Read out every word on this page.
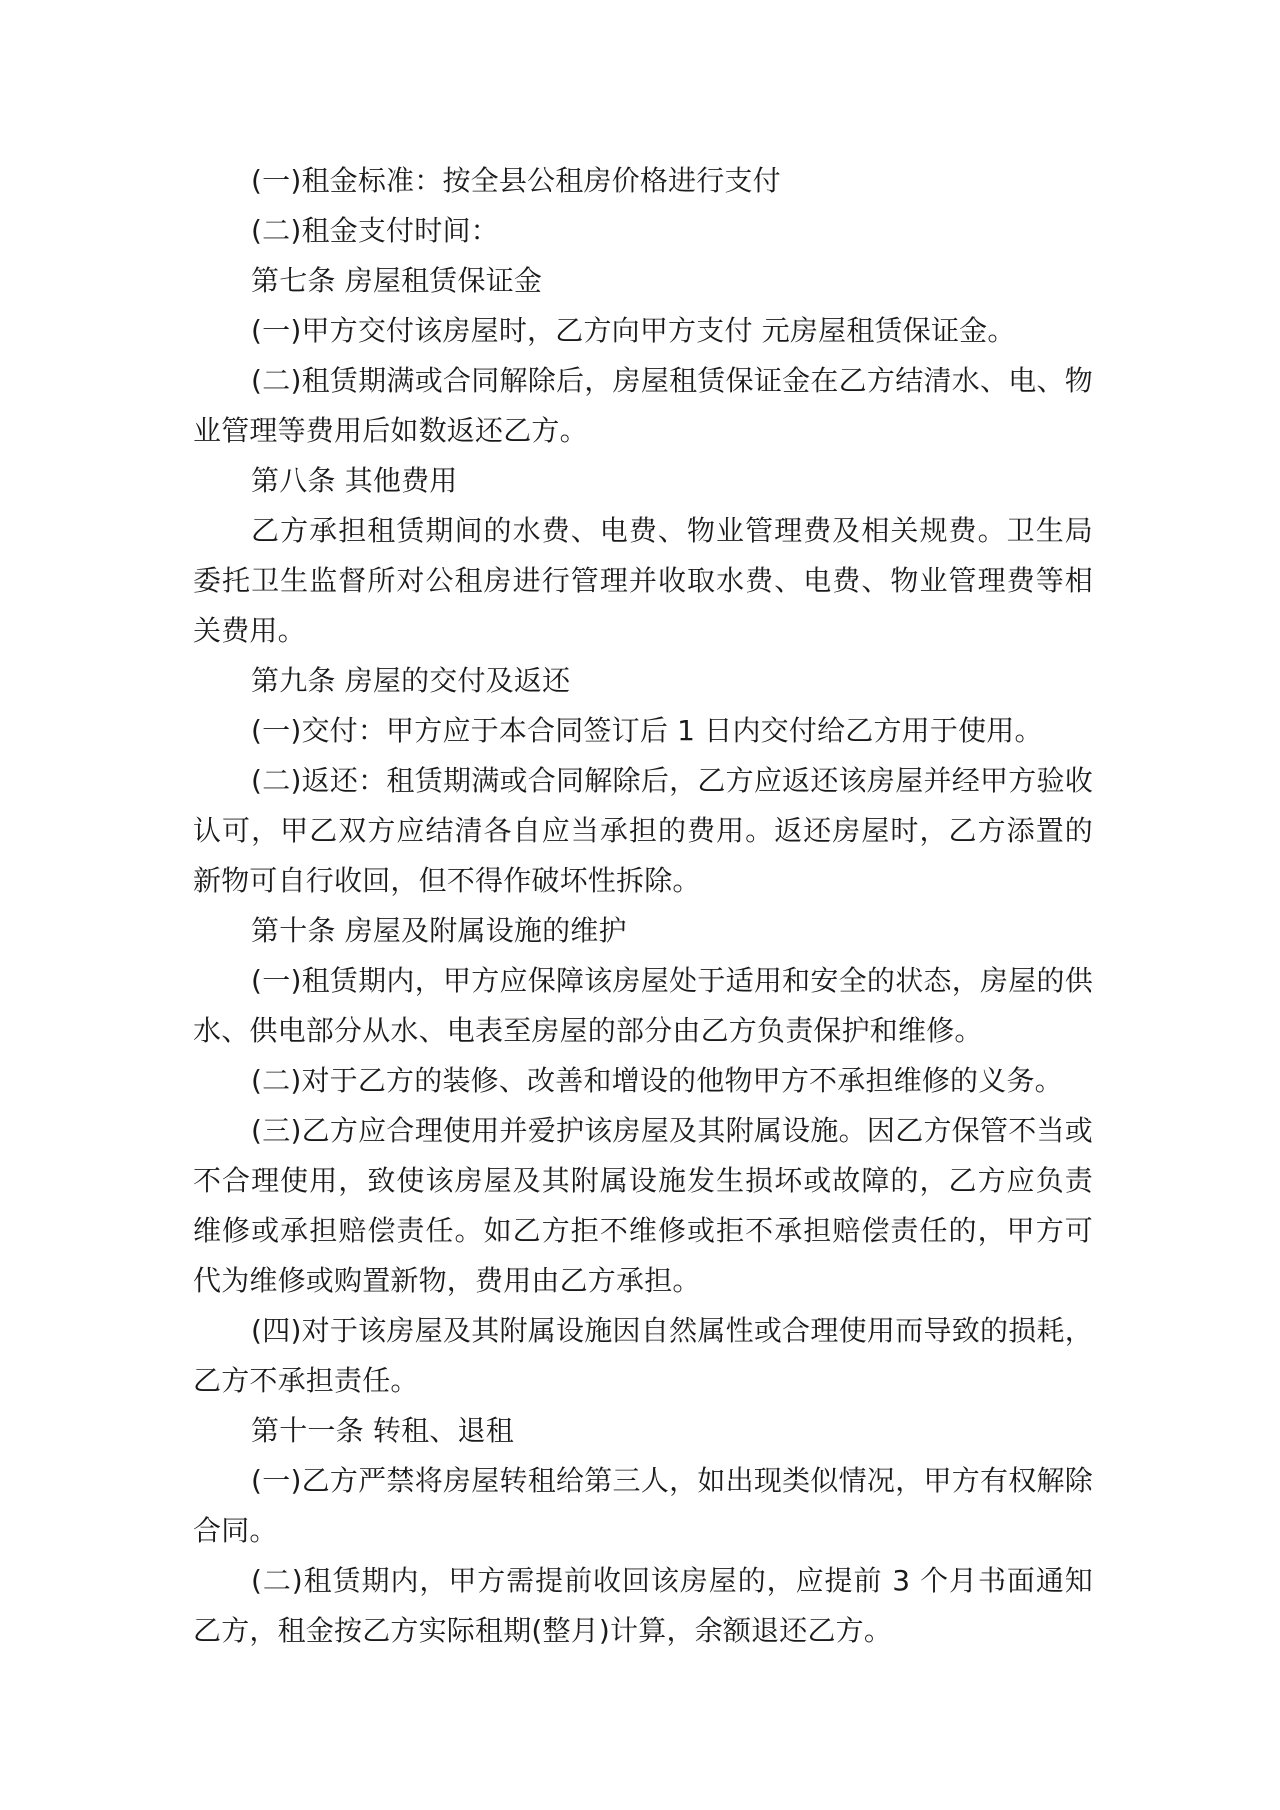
(一)租金标准：按全县公租房价格进行支付

(二)租金支付时间：

第七条 房屋租赁保证金

(一)甲方交付该房屋时，乙方向甲方支付 元房屋租赁保证金。

(二)租赁期满或合同解除后，房屋租赁保证金在乙方结清水、电、物业管理等费用后如数返还乙方。

第八条 其他费用

乙方承担租赁期间的水费、电费、物业管理费及相关规费。卫生局委托卫生监督所对公租房进行管理并收取水费、电费、物业管理费等相关费用。

第九条 房屋的交付及返还

(一)交付：甲方应于本合同签订后 1 日内交付给乙方用于使用。

(二)返还：租赁期满或合同解除后，乙方应返还该房屋并经甲方验收认可，甲乙双方应结清各自应当承担的费用。返还房屋时，乙方添置的新物可自行收回，但不得作破坏性拆除。

第十条 房屋及附属设施的维护

(一)租赁期内，甲方应保障该房屋处于适用和安全的状态，房屋的供水、供电部分从水、电表至房屋的部分由乙方负责保护和维修。

(二)对于乙方的装修、改善和增设的他物甲方不承担维修的义务。

(三)乙方应合理使用并爱护该房屋及其附属设施。因乙方保管不当或不合理使用，致使该房屋及其附属设施发生损坏或故障的，乙方应负责维修或承担赔偿责任。如乙方拒不维修或拒不承担赔偿责任的，甲方可代为维修或购置新物，费用由乙方承担。

(四)对于该房屋及其附属设施因自然属性或合理使用而导致的损耗，乙方不承担责任。

第十一条 转租、退租

(一)乙方严禁将房屋转租给第三人，如出现类似情况，甲方有权解除合同。

(二)租赁期内，甲方需提前收回该房屋的，应提前 3 个月书面通知乙方，租金按乙方实际租期(整月)计算，余额退还乙方。
